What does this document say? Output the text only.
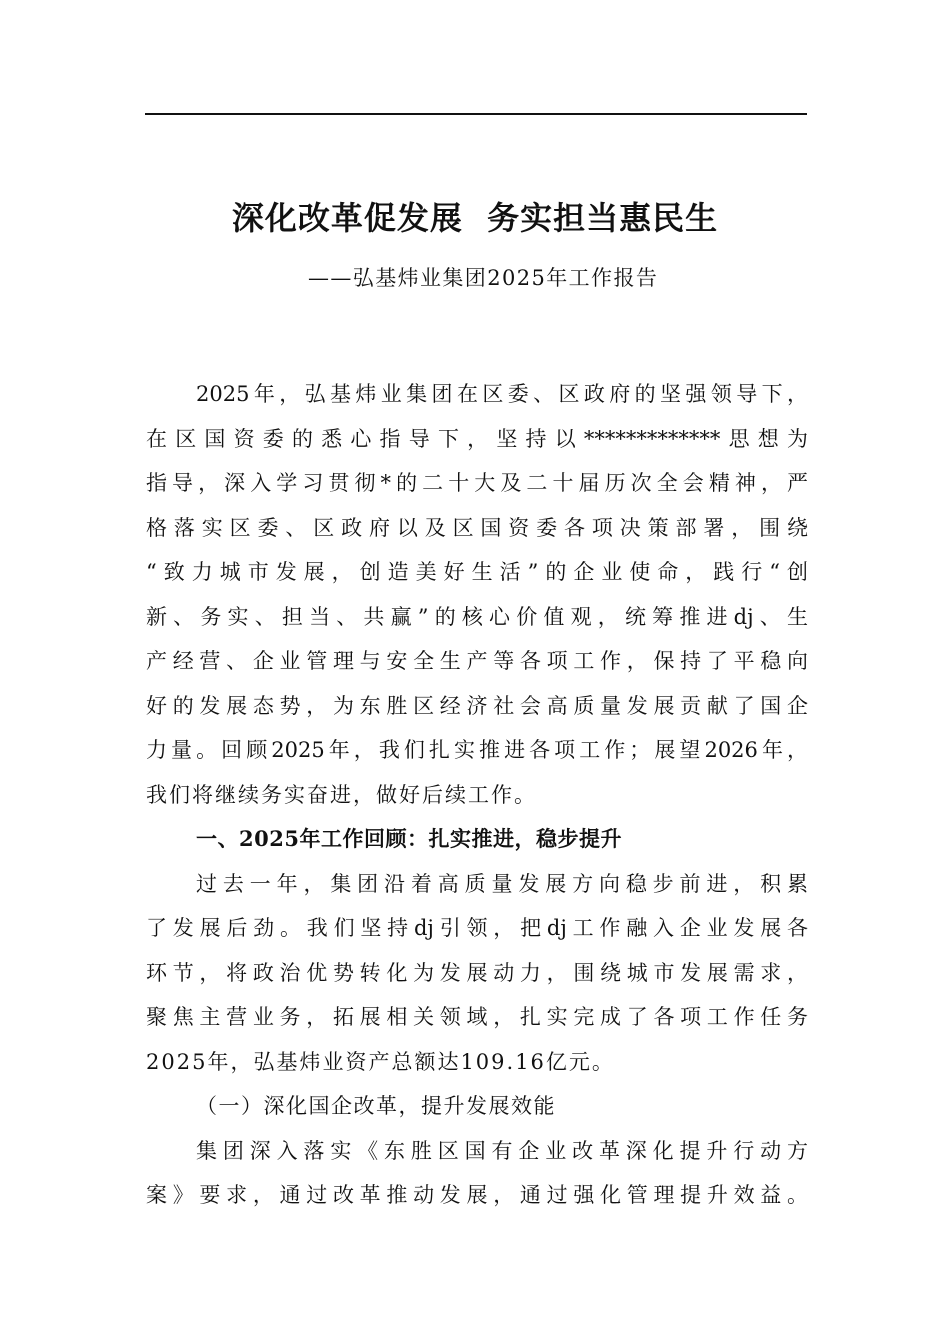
深化改革促发展  务实担当惠民生
——弘基炜业集团2025年工作报告
2025年，弘基炜业集团在区委、区政府的坚强领导下，
在区国资委的悉心指导下，坚持以*************思想为
指导，深入学习贯彻*的二十大及二十届历次全会精神，严
格落实区委、区政府以及区国资委各项决策部署，围绕
“致力城市发展，创造美好生活”的企业使命，践行“创
新、务实、担当、共赢”的核心价值观，统筹推进dj、生
产经营、企业管理与安全生产等各项工作，保持了平稳向
好的发展态势，为东胜区经济社会高质量发展贡献了国企
力量。回顾2025年，我们扎实推进各项工作；展望2026年，
我们将继续务实奋进，做好后续工作。
一、2025年工作回顾：扎实推进，稳步提升
过去一年，集团沿着高质量发展方向稳步前进，积累
了发展后劲。我们坚持dj引领，把dj工作融入企业发展各
环节，将政治优势转化为发展动力，围绕城市发展需求，
聚焦主营业务，拓展相关领域，扎实完成了各项工作任务
2025年，弘基炜业资产总额达109.16亿元。
（一）深化国企改革，提升发展效能
集团深入落实《东胜区国有企业改革深化提升行动方
案》要求，通过改革推动发展，通过强化管理提升效益。
